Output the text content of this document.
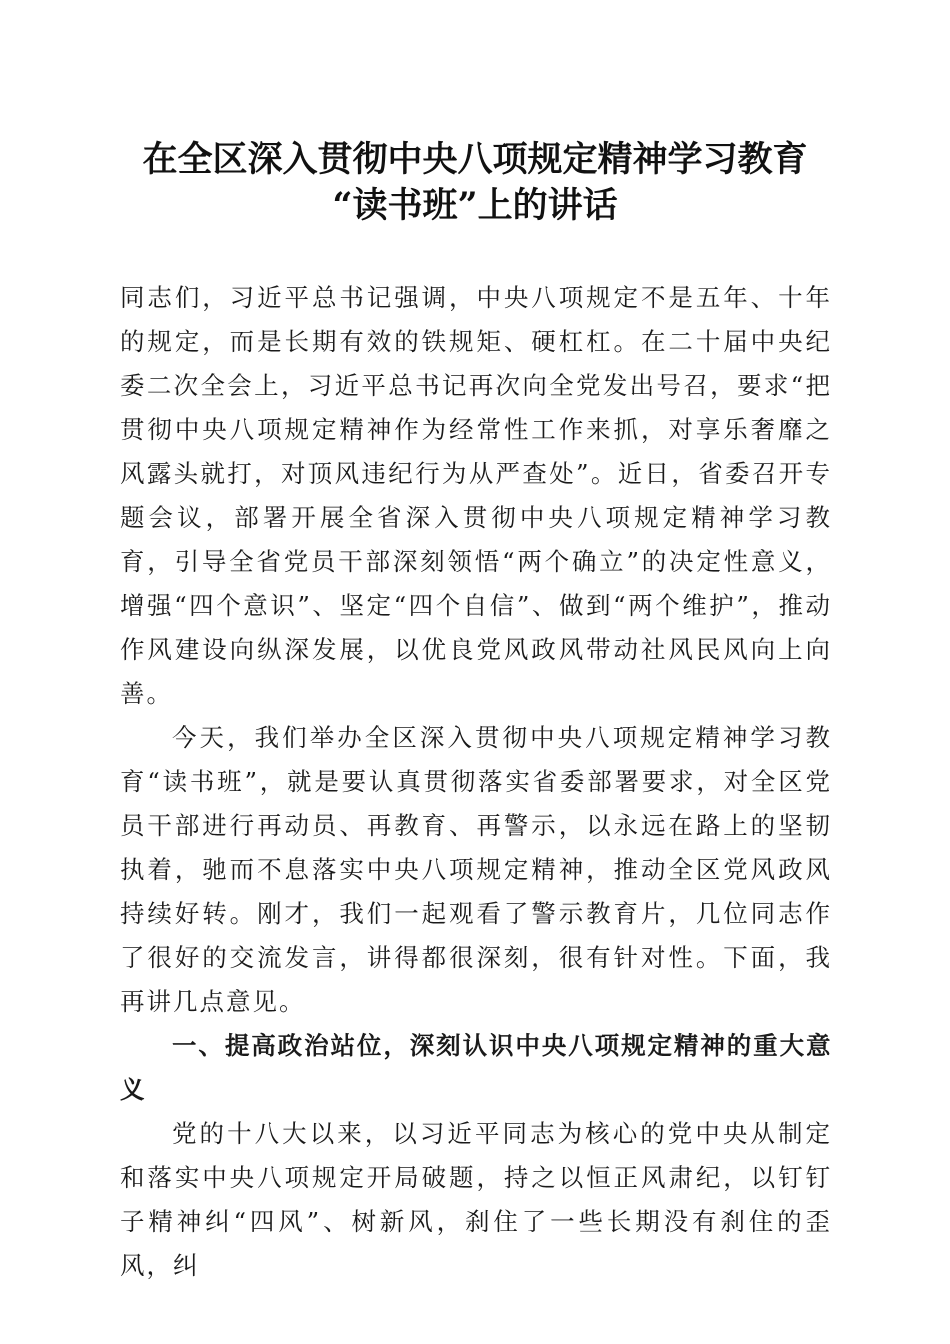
在全区深入贯彻中央八项规定精神学习教育
“读书班”上的讲话

同志们，习近平总书记强调，中央八项规定不是五年、十年的规定，而是长期有效的铁规矩、硬杠杠。在二十届中央纪委二次全会上，习近平总书记再次向全党发出号召，要求“把贯彻中央八项规定精神作为经常性工作来抓，对享乐奢靡之风露头就打，对顶风违纪行为从严查处”。近日，省委召开专题会议，部署开展全省深入贯彻中央八项规定精神学习教育，引导全省党员干部深刻领悟“两个确立”的决定性意义，增强“四个意识”、坚定“四个自信”、做到“两个维护”，推动作风建设向纵深发展，以优良党风政风带动社风民风向上向善。

今天，我们举办全区深入贯彻中央八项规定精神学习教育“读书班”，就是要认真贯彻落实省委部署要求，对全区党员干部进行再动员、再教育、再警示，以永远在路上的坚韧执着，驰而不息落实中央八项规定精神，推动全区党风政风持续好转。刚才，我们一起观看了警示教育片，几位同志作了很好的交流发言，讲得都很深刻，很有针对性。下面，我再讲几点意见。

一、提高政治站位，深刻认识中央八项规定精神的重大意义

党的十八大以来，以习近平同志为核心的党中央从制定和落实中央八项规定开局破题，持之以恒正风肃纪，以钉钉子精神纠“四风”、树新风，刹住了一些长期没有刹住的歪风，纠
